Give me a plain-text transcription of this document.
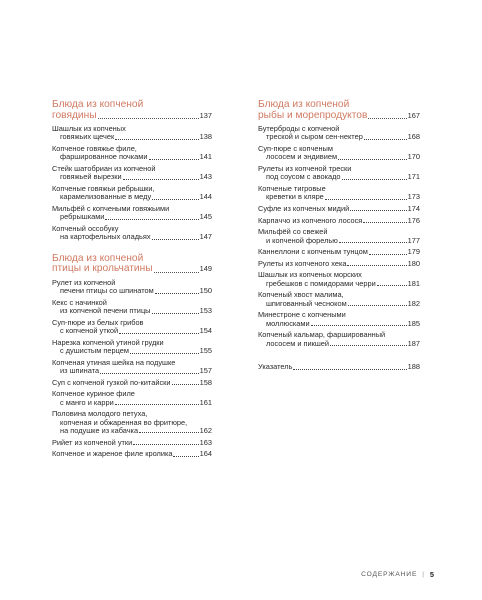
Блюда из копченой
говядины	137
Шашлык из копченых
говяжьих щечек	138
Копченое говяжье филе,
фаршированное почками	141
Стейк шатобриан из копченой
говяжьей вырезки	143
Копченые говяжьи ребрышки,
карамелизованные в меду	144
Мильфёй с копчеными говяжьими
ребрышками	145
Копченый оссобуку
на картофельных оладьях	147
Блюда из копченой
птицы и крольчатины	149
Рулет из копченой
печени птицы со шпинатом	150
Кекс с начинкой
из копченой печени птицы	153
Суп-пюре из белых грибов
с копченой уткой	154
Нарезка копченой утиной грудки
с душистым перцем	155
Копченая утиная шейка на подушке
из шпината	157
Суп с копченой гузкой по-китайски	158
Копченое куриное филе
с манго и карри	161
Половина молодого петуха,
копченая и обжаренная во фритюре,
на подушке из кабачка	162
Рийет из копченой утки	163
Копченое и жареное филе кролика	164
Блюда из копченой
рыбы и морепродуктов	167
Бутерброды с копченой
треской и сыром сен-нектер	168
Суп-пюре с копченым
лососем и эндивием	170
Рулеты из копченой трески
под соусом с авокадо	171
Копченые тигровые
креветки в кляре	173
Суфле из копченых мидий	174
Карпаччо из копченого лосося	176
Мильфёй со свежей
и копченой форелью	177
Каннеллони с копченым тунцом	179
Рулеты из копченого хека	180
Шашлык из копченых морских
гребешков с помидорами черри	181
Копченый хвост малима,
шпигованный чесноком	182
Минестроне с копчеными
моллюсками	185
Копченый кальмар, фаршированный
лососем и пикшей	187
Указатель	188
СОДЕРЖАНИЕ | 5
